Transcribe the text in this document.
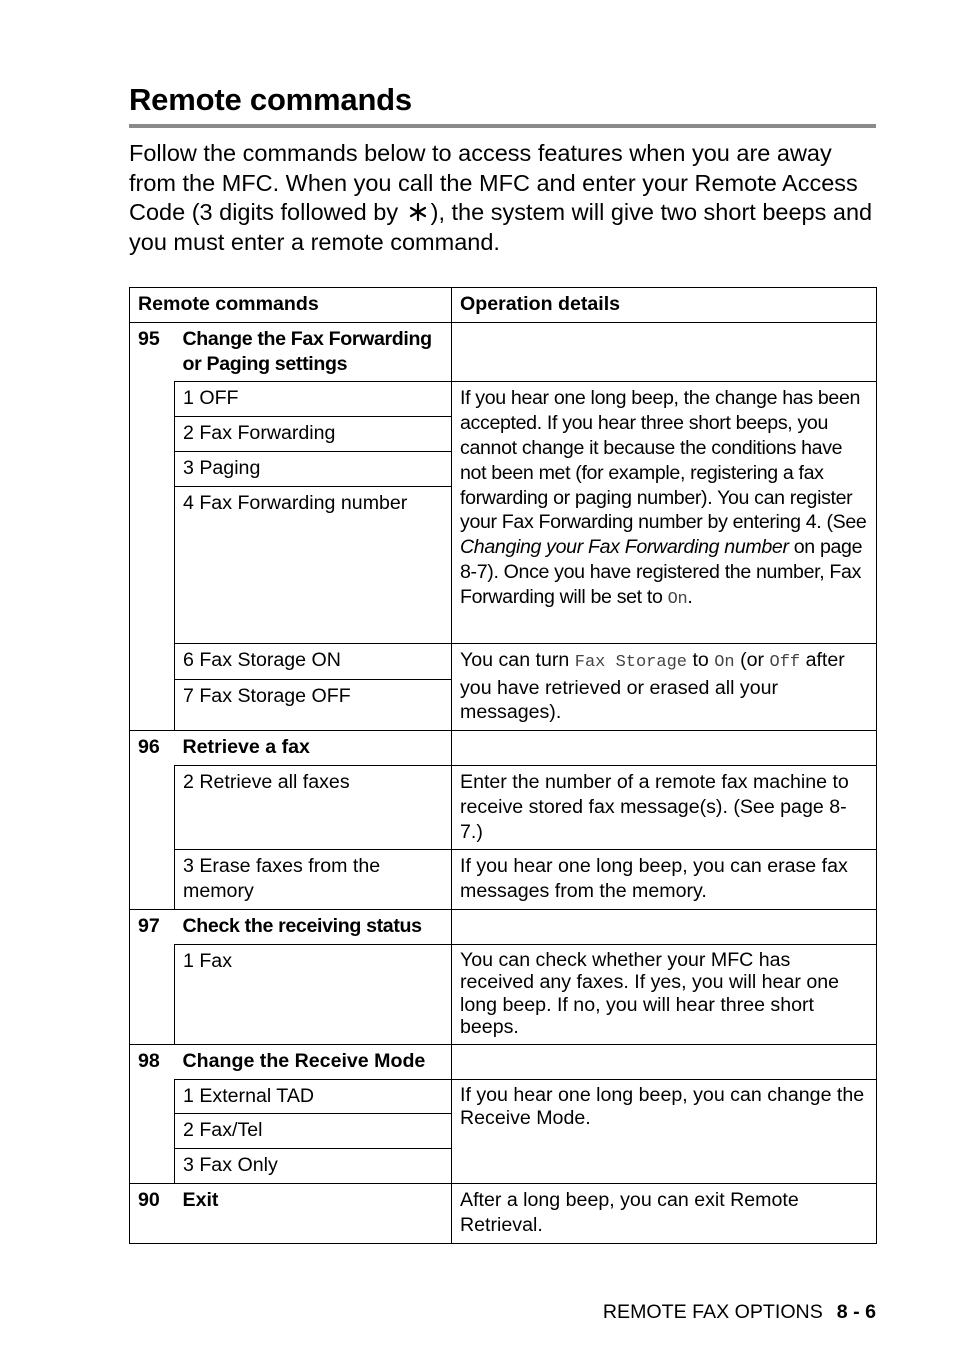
Remote commands

Follow the commands below to access features when you are away from the MFC. When you call the MFC and enter your Remote Access Code (3 digits followed by ), the system will give two short beeps and you must enter a remote command.

Remote commands		Operation details
95	Change the Fax Forwarding or Paging settings	
	1 OFF	If you hear one long beep, the change has been accepted. If you hear three short beeps, you cannot change it because the conditions have not been met (for example, registering a fax forwarding or paging number). You can register your Fax Forwarding number by entering 4. (See Changing your Fax Forwarding number on page 8-7). Once you have registered the number, Fax Forwarding will be set to On.
	2 Fax Forwarding	
	3 Paging	
	4 Fax Forwarding number	
	6 Fax Storage ON	You can turn Fax Storage to On (or Off after you have retrieved or erased all your messages).
	7 Fax Storage OFF	
96	Retrieve a fax	
	2 Retrieve all faxes	Enter the number of a remote fax machine to receive stored fax message(s). (See page 8-7.)
	3 Erase faxes from the memory	If you hear one long beep, you can erase fax messages from the memory.
97	Check the receiving status	
	1 Fax	You can check whether your MFC has received any faxes. If yes, you will hear one long beep. If no, you will hear three short beeps.
98	Change the Receive Mode	
	1 External TAD	If you hear one long beep, you can change the Receive Mode.
	2 Fax/Tel	
	3 Fax Only	
90	Exit	After a long beep, you can exit Remote Retrieval.
REMOTE FAX OPTIONS 8 - 6
